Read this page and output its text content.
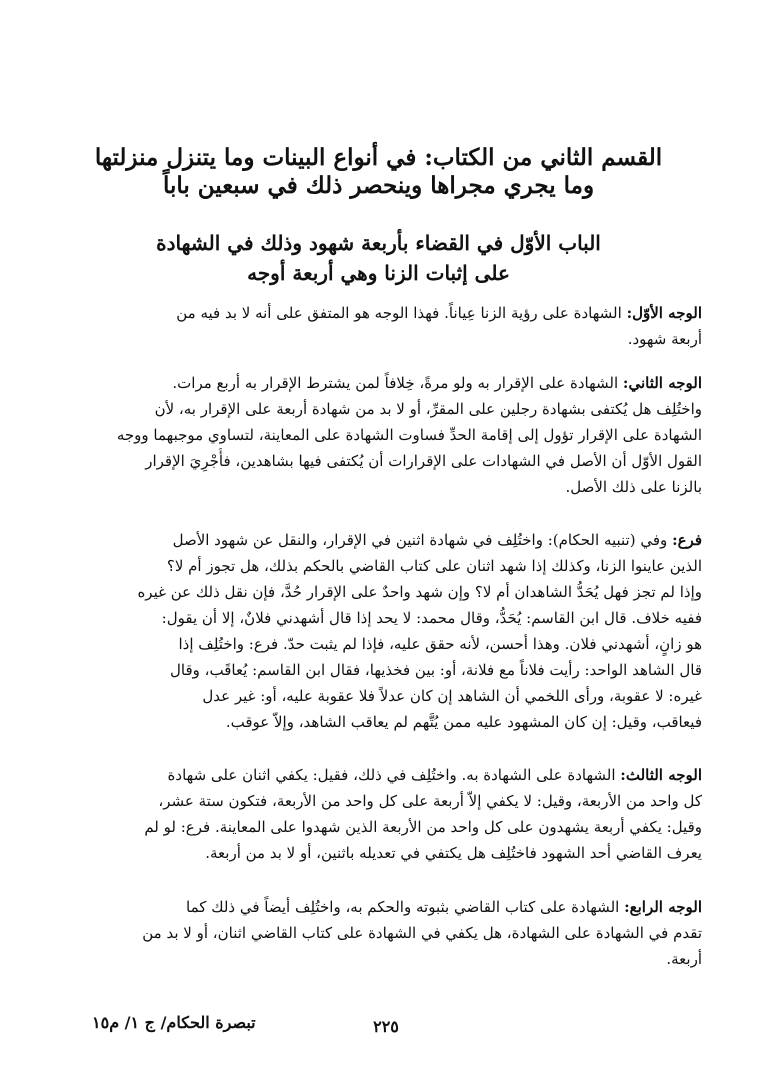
القسم الثاني من الكتاب: في أنواع البينات وما يتنزل منزلتها
وما يجري مجراها وينحصر ذلك في سبعين باباً
الباب الأوّل في القضاء بأربعة شهود وذلك في الشهادة
على إثبات الزنا وهي أربعة أوجه
الوجه الأوّل: الشهادة على رؤية الزنا عِياناً. فهذا الوجه هو المتفق على أنه لا بد فيه من
أربعة شهود.
الوجه الثاني: الشهادة على الإقرار به ولو مرةً، خِلافاً لمن يشترط الإقرار به أربع مرات.
واختُلِف هل يُكتفى بشهادة رجلين على المقرِّ، أو لا بد من شهادة أربعة على الإقرار به، لأن
الشهادة على الإقرار تؤول إلى إقامة الحدِّ فساوت الشهادة على المعاينة، لتساوي موجبهما ووجه
القول الأوّل أن الأصل في الشهادات على الإقرارات أن يُكتفى فيها بشاهدين، فأُجْرِيَ الإقرار
بالزنا على ذلك الأصل.
فرع: وفي (تنبيه الحكام): واختُلِف في شهادة اثنين في الإقرار، والنقل عن شهود الأصل
الذين عاينوا الزنا، وكذلك إذا شهد اثنان على كتاب القاضي بالحكم بذلك، هل تجوز أم لا؟
وإذا لم تجز فهل يُحَدُّ الشاهدان أم لا؟ وإن شهد واحدٌ على الإقرار حُدَّ، فإن نقل ذلك عن غيره
ففيه خلاف. قال ابن القاسم: يُحَدُّ، وقال محمد: لا يحد إذا قال أشهدني فلانٌ، إلا أن يقول:
هو زانٍ، أشهدني فلان. وهذا أحسن، لأنه حقق عليه، فإذا لم يثبت حدّ. فرع: واختُلِف إذا
قال الشاهد الواحد: رأيت فلاناً مع فلانة، أو: بين فخذيها، فقال ابن القاسم: يُعاقَب، وقال
غيره: لا عقوبة، ورأى اللخمي أن الشاهد إن كان عدلاً فلا عقوبة عليه، أو: غير عدل
فيعاقب، وقيل: إن كان المشهود عليه ممن يُتَّهم لم يعاقب الشاهد، وإلاّ عوقب.
الوجه الثالث: الشهادة على الشهادة به. واختُلِف في ذلك، فقيل: يكفي اثنان على شهادة
كل واحد من الأربعة، وقيل: لا يكفي إلاّ أربعة على كل واحد من الأربعة، فتكون ستة عشر،
وقيل: يكفي أربعة يشهدون على كل واحد من الأربعة الذين شهدوا على المعاينة. فرع: لو لم
يعرف القاضي أحد الشهود فاختُلِف هل يكتفي في تعديله باثنين، أو لا بد من أربعة.
الوجه الرابع: الشهادة على كتاب القاضي بثبوته والحكم به، واختُلِف أيضاً في ذلك كما
تقدم في الشهادة على الشهادة، هل يكفي في الشهادة على كتاب القاضي اثنان، أو لا بد من
أربعة.
تبصرة الحكام/ ج ١/ م١٥	٢٢٥
